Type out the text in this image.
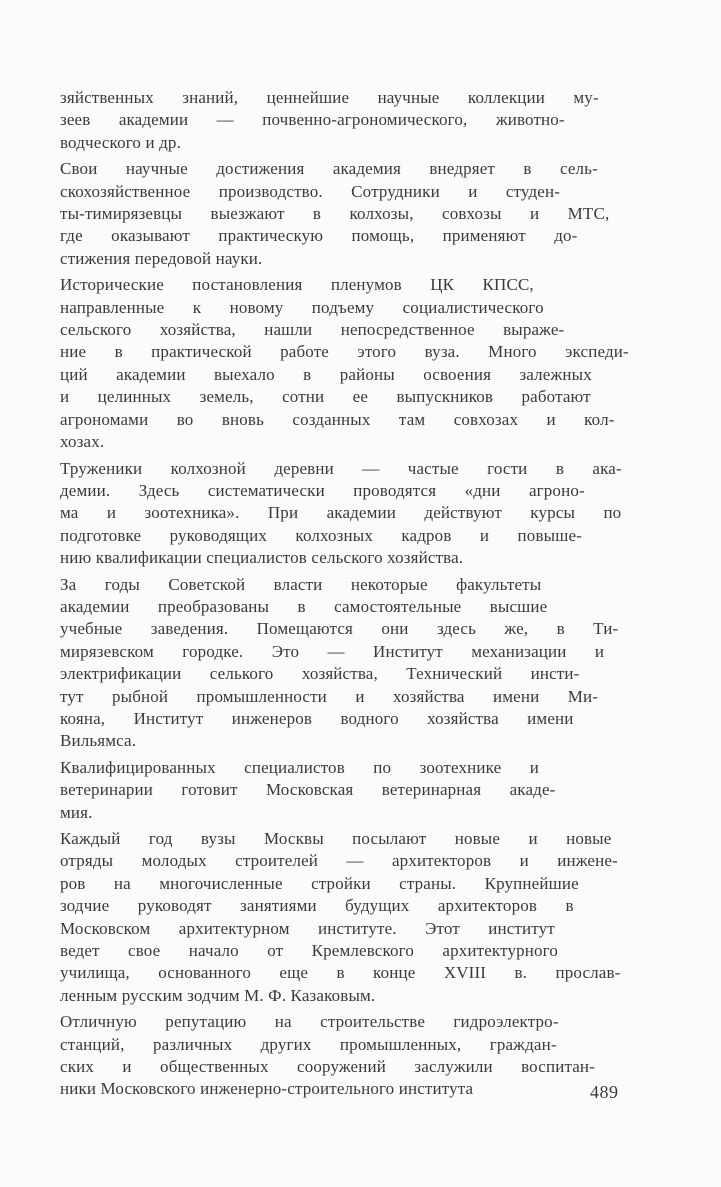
зяйственных знаний, ценнейшие научные коллекции му-
зеев академии — почвенно-агрономического, животно-
водческого и др.
Свои научные достижения академия внедряет в сель-
скохозяйственное производство. Сотрудники и студен-
ты-тимирязевцы выезжают в колхозы, совхозы и МТС,
где оказывают практическую помощь, применяют до-
стижения передовой науки.
Исторические постановления пленумов ЦК КПСС,
направленные к новому подъему социалистического
сельского хозяйства, нашли непосредственное выраже-
ние в практической работе этого вуза. Много экспеди-
ций академии выехало в районы освоения залежных
и целинных земель, сотни ее выпускников работают
агрономами во вновь созданных там совхозах и кол-
хозах.
Труженики колхозной деревни — частые гости в ака-
демии. Здесь систематически проводятся «дни агроно-
ма и зоотехника». При академии действуют курсы по
подготовке руководящих колхозных кадров и повыше-
нию квалификации специалистов сельского хозяйства.
За годы Советской власти некоторые факультеты
академии преобразованы в самостоятельные высшие
учебные заведения. Помещаются они здесь же, в Ти-
мирязевском городке. Это — Институт механизации и
электрификации селького хозяйства, Технический инсти-
тут рыбной промышленности и хозяйства имени Ми-
кояна, Институт инженеров водного хозяйства имени
Вильямса.
Квалифицированных специалистов по зоотехнике и
ветеринарии готовит Московская ветеринарная акаде-
мия.
Каждый год вузы Москвы посылают новые и новые
отряды молодых строителей — архитекторов и инжене-
ров на многочисленные стройки страны. Крупнейшие
зодчие руководят занятиями будущих архитекторов в
Московском архитектурном институте. Этот институт
ведет свое начало от Кремлевского архитектурного
училища, основанного еще в конце XVIII в. прослав-
ленным русским зодчим М. Ф. Казаковым.
Отличную репутацию на строительстве гидроэлектро-
станций, различных других промышленных, граждан-
ских и общественных сооружений заслужили воспитан-
ники Московского инженерно-строительного института	489
